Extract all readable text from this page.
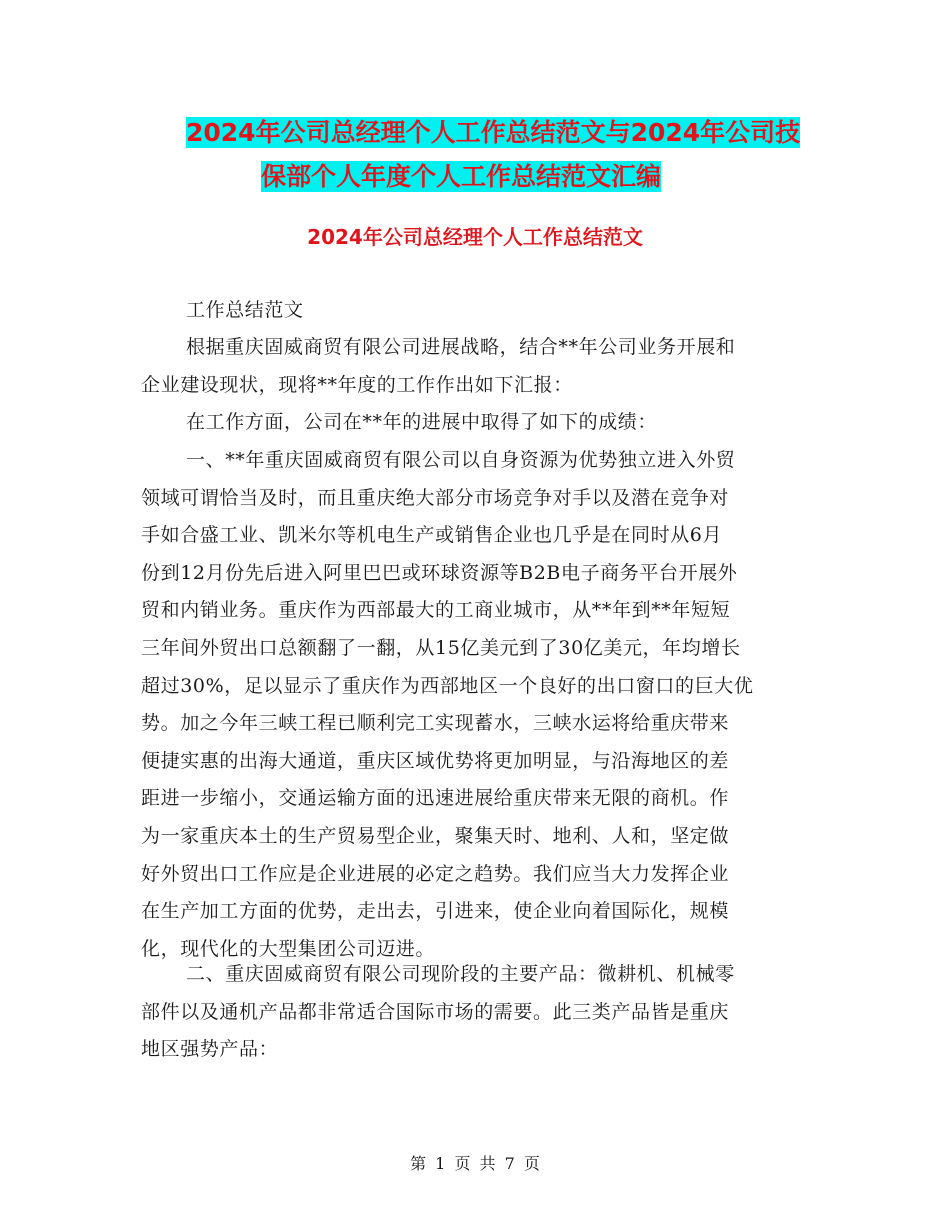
2024年公司总经理个人工作总结范文与2024年公司技
保部个人年度个人工作总结范文汇编
2024年公司总经理个人工作总结范文

工作总结范文

根据重庆固威商贸有限公司进展战略，结合**年公司业务开展和
企业建设现状，现将**年度的工作作出如下汇报：

在工作方面，公司在**年的进展中取得了如下的成绩：

一、**年重庆固威商贸有限公司以自身资源为优势独立进入外贸
领域可谓恰当及时，而且重庆绝大部分市场竞争对手以及潜在竞争对
手如合盛工业、凯米尔等机电生产或销售企业也几乎是在同时从6月
份到12月份先后进入阿里巴巴或环球资源等B2B电子商务平台开展外
贸和内销业务。重庆作为西部最大的工商业城市，从**年到**年短短
三年间外贸出口总额翻了一翻，从15亿美元到了30亿美元，年均增长
超过30%，足以显示了重庆作为西部地区一个良好的出口窗口的巨大优
势。加之今年三峡工程已顺利完工实现蓄水，三峡水运将给重庆带来
便捷实惠的出海大通道，重庆区域优势将更加明显，与沿海地区的差
距进一步缩小，交通运输方面的迅速进展给重庆带来无限的商机。作
为一家重庆本土的生产贸易型企业，聚集天时、地利、人和，坚定做
好外贸出口工作应是企业进展的必定之趋势。我们应当大力发挥企业
在生产加工方面的优势，走出去，引进来，使企业向着国际化，规模
化，现代化的大型集团公司迈进。

二、重庆固威商贸有限公司现阶段的主要产品：微耕机、机械零
部件以及通机产品都非常适合国际市场的需要。此三类产品皆是重庆
地区强势产品：

第 1 页 共 7 页
